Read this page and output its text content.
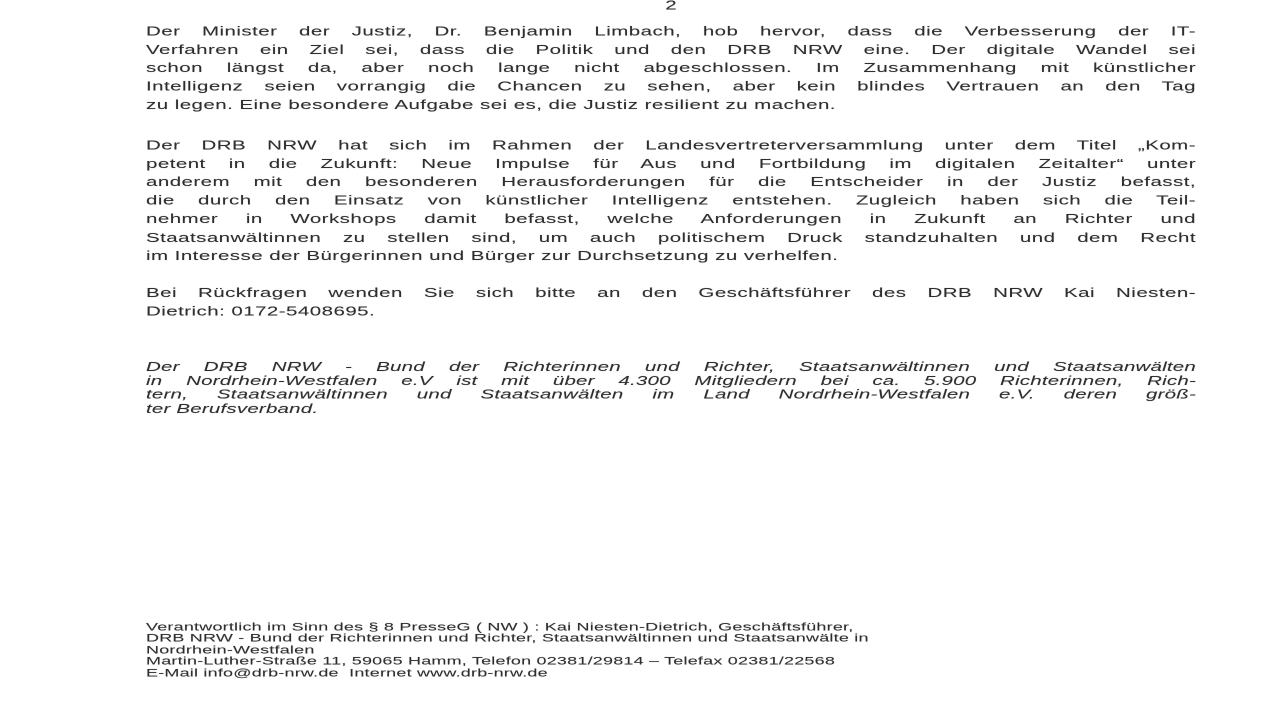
2
Der Minister der Justiz, Dr. Benjamin Limbach, hob hervor, dass die Verbesserung der IT-
Verfahren ein Ziel sei, dass die Politik und den DRB NRW eine. Der digitale Wandel sei
schon längst da, aber noch lange nicht abgeschlossen. Im Zusammenhang mit künstlicher
Intelligenz seien vorrangig die Chancen zu sehen, aber kein blindes Vertrauen an den Tag
zu legen. Eine besondere Aufgabe sei es, die Justiz resilient zu machen.
Der DRB NRW hat sich im Rahmen der Landesvertreterversammlung unter dem Titel „Kom-
petent in die Zukunft: Neue Impulse für Aus und Fortbildung im digitalen Zeitalter“ unter
anderem mit den besonderen Herausforderungen für die Entscheider in der Justiz befasst,
die durch den Einsatz von künstlicher Intelligenz entstehen. Zugleich haben sich die Teil-
nehmer in Workshops damit befasst, welche Anforderungen in Zukunft an Richter und
Staatsanwältinnen zu stellen sind, um auch politischem Druck standzuhalten und dem Recht
im Interesse der Bürgerinnen und Bürger zur Durchsetzung zu verhelfen.
Bei Rückfragen wenden Sie sich bitte an den Geschäftsführer des DRB NRW Kai Niesten-
Dietrich: 0172-5408695.
Der DRB NRW - Bund der Richterinnen und Richter, Staatsanwältinnen und Staatsanwälten
in Nordrhein-Westfalen e.V ist mit über 4.300 Mitgliedern bei ca. 5.900 Richterinnen, Rich-
tern, Staatsanwältinnen und Staatsanwälten im Land Nordrhein-Westfalen e.V. deren größ-
ter Berufsverband.
Verantwortlich im Sinn des § 8 PresseG ( NW ) : Kai Niesten-Dietrich, Geschäftsführer,
DRB NRW - Bund der Richterinnen und Richter, Staatsanwältinnen und Staatsanwälte in
Nordrhein-Westfalen
Martin-Luther-Straße 11, 59065 Hamm, Telefon 02381/29814 – Telefax 02381/22568
E-Mail info@drb-nrw.de  Internet www.drb-nrw.de
